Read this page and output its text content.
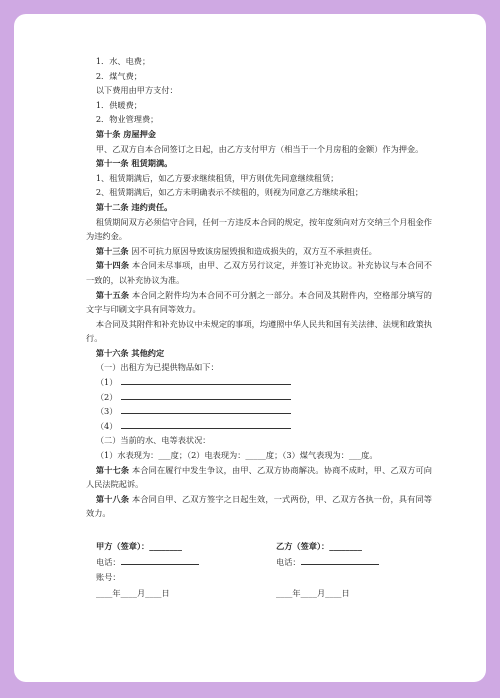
1．水、电费；

2．煤气费；

以下费用由甲方支付：

1．供暖费；

2．物业管理费；

第十条 房屋押金

甲、乙双方自本合同签订之日起，由乙方支付甲方（相当于一个月房租的金额）作为押金。

第十一条 租赁期满。

1、租赁期满后，如乙方要求继续租赁，甲方则优先同意继续租赁；

2、租赁期满后，如乙方未明确表示不续租的，则视为同意乙方继续承租；

第十二条 违约责任。

租赁期间双方必须信守合同，任何一方违反本合同的规定，按年度须向对方交纳三个月租金作为违约金。

第十三条 因不可抗力原因导致该房屋毁损和造成损失的，双方互不承担责任。

第十四条 本合同未尽事项，由甲、乙双方另行议定，并签订补充协议。补充协议与本合同不一致的，以补充协议为准。

第十五条 本合同之附件均为本合同不可分割之一部分。本合同及其附件内，空格部分填写的文字与印刷文字具有同等效力。

本合同及其附件和补充协议中未规定的事项，均遵照中华人民共和国有关法律、法规和政策执行。

第十六条 其他约定

（一）出租方为已提供物品如下：

（1）

（2）

（3）

（4）

（二）当前的水、电等表状况：

（1）水表现为：___度；（2）电表现为：_____度；（3）煤气表现为：___度。

第十七条 本合同在履行中发生争议，由甲、乙双方协商解决。协商不成时，甲、乙双方可向人民法院起诉。

第十八条 本合同自甲、乙双方签字之日起生效，一式两份，甲、乙双方各执一份，具有同等效力。

甲方（签章）：________

电话：

账号：

____年____月____日

乙方（签章）：________

电话：

____年____月____日
